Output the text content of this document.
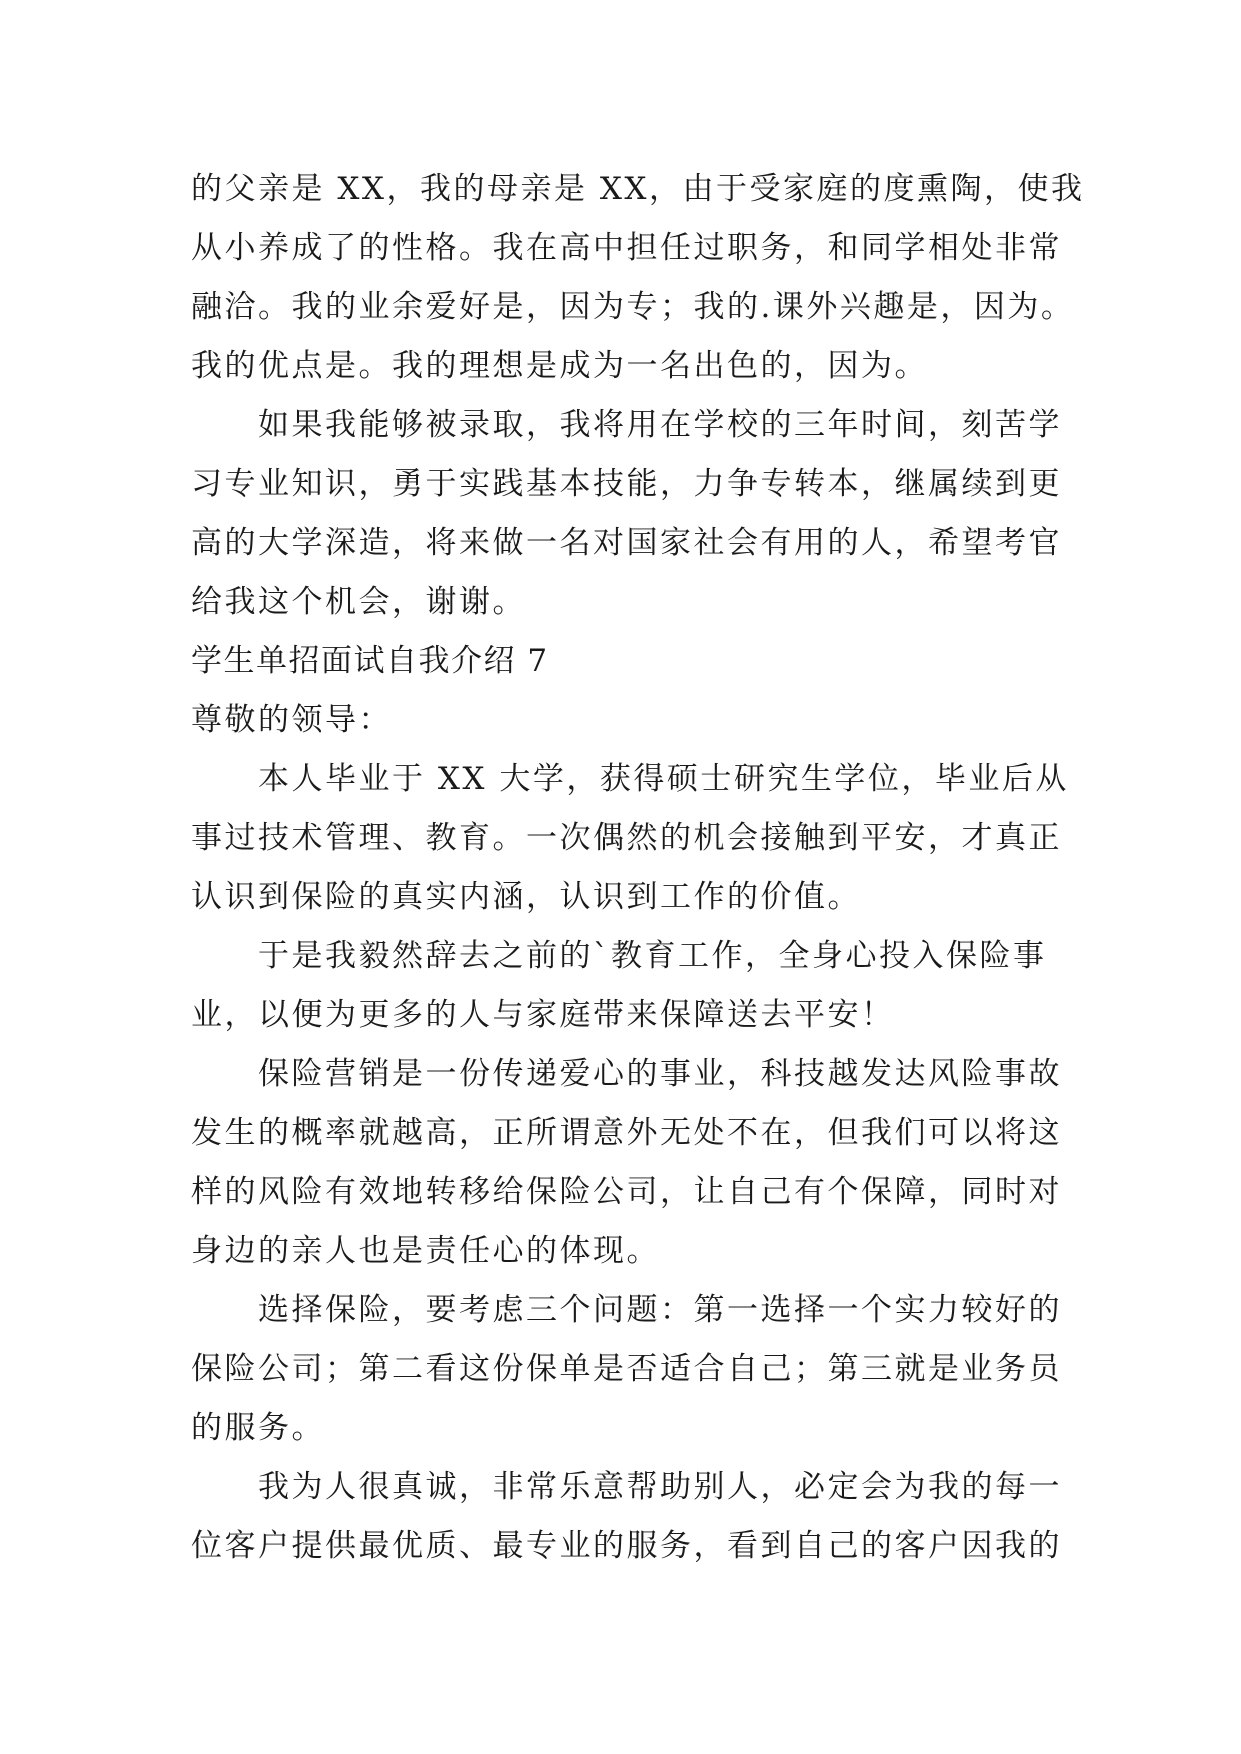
的父亲是 XX，我的母亲是 XX，由于受家庭的度熏陶，使我
从小养成了的性格。我在高中担任过职务，和同学相处非常
融洽。我的业余爱好是，因为专；我的.课外兴趣是，因为。
我的优点是。我的理想是成为一名出色的，因为。
如果我能够被录取，我将用在学校的三年时间，刻苦学
习专业知识，勇于实践基本技能，力争专转本，继属续到更
高的大学深造，将来做一名对国家社会有用的人，希望考官
给我这个机会，谢谢。
学生单招面试自我介绍 7
尊敬的领导：
本人毕业于 XX 大学，获得硕士研究生学位，毕业后从
事过技术管理、教育。一次偶然的机会接触到平安，才真正
认识到保险的真实内涵，认识到工作的价值。
于是我毅然辞去之前的`教育工作，全身心投入保险事
业，以便为更多的人与家庭带来保障送去平安！
保险营销是一份传递爱心的事业，科技越发达风险事故
发生的概率就越高，正所谓意外无处不在，但我们可以将这
样的风险有效地转移给保险公司，让自己有个保障，同时对
身边的亲人也是责任心的体现。
选择保险，要考虑三个问题：第一选择一个实力较好的
保险公司；第二看这份保单是否适合自己；第三就是业务员
的服务。
我为人很真诚，非常乐意帮助别人，必定会为我的每一
位客户提供最优质、最专业的服务，看到自己的客户因我的
